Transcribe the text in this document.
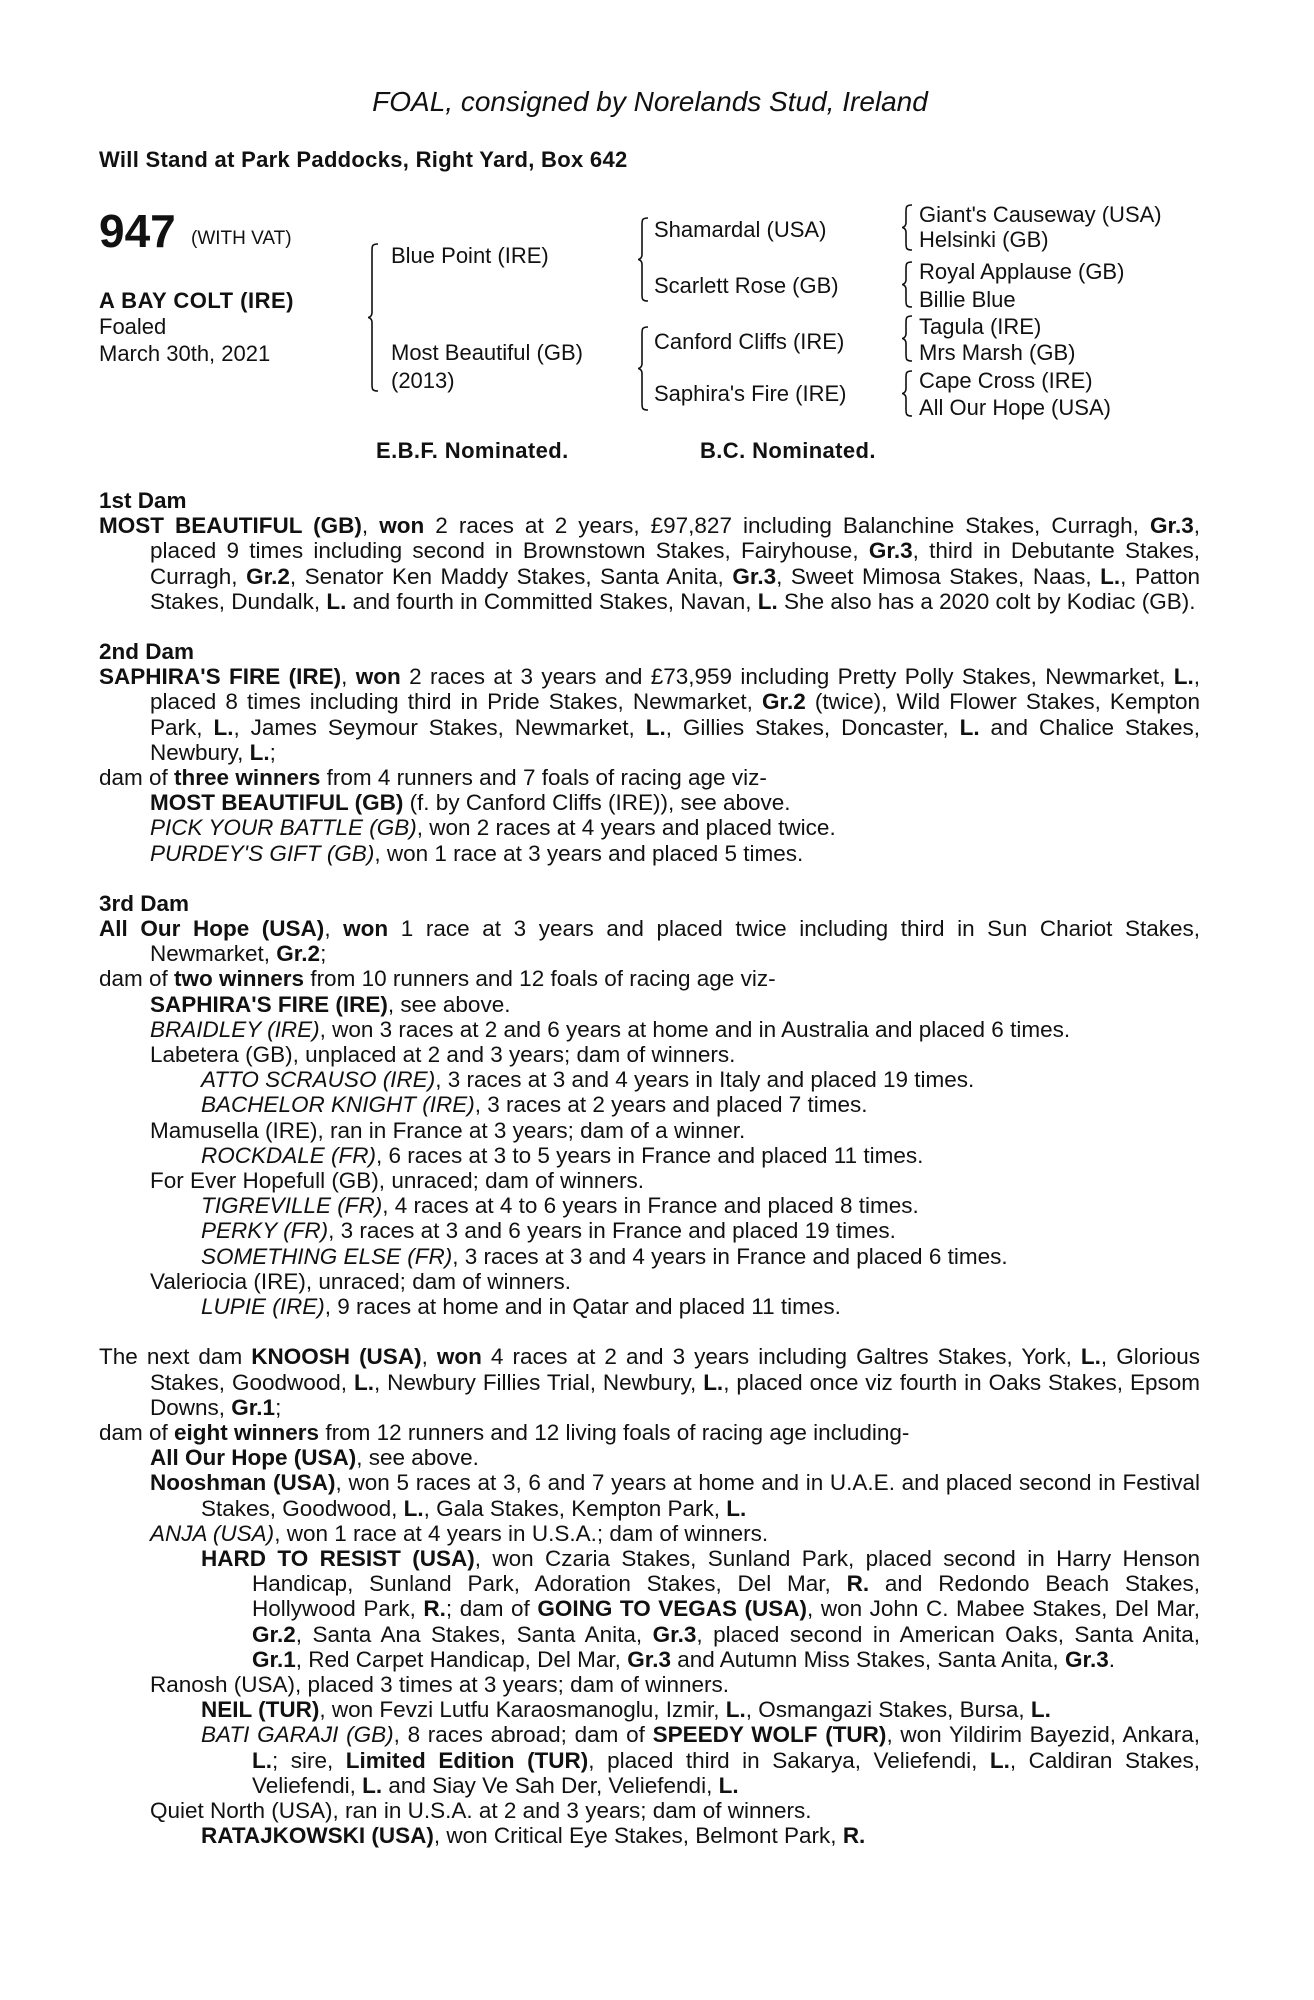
FOAL, consigned by Norelands Stud, Ireland
Will Stand at Park Paddocks, Right Yard, Box 642
947 (WITH VAT)
A BAY COLT (IRE)
Foaled
March 30th, 2021
Blue Point (IRE)
Most Beautiful (GB)
(2013)
Shamardal (USA)
Scarlett Rose (GB)
Canford Cliffs (IRE)
Saphira's Fire (IRE)
Giant's Causeway (USA)
Helsinki (GB)
Royal Applause (GB)
Billie Blue
Tagula (IRE)
Mrs Marsh (GB)
Cape Cross (IRE)
All Our Hope (USA)
E.B.F. Nominated.	B.C. Nominated.
1st Dam
MOST BEAUTIFUL (GB), won 2 races at 2 years, £97,827 including Balanchine Stakes, Curragh, Gr.3, placed 9 times including second in Brownstown Stakes, Fairyhouse, Gr.3, third in Debutante Stakes, Curragh, Gr.2, Senator Ken Maddy Stakes, Santa Anita, Gr.3, Sweet Mimosa Stakes, Naas, L., Patton Stakes, Dundalk, L. and fourth in Committed Stakes, Navan, L. She also has a 2020 colt by Kodiac (GB).
2nd Dam
SAPHIRA'S FIRE (IRE), won 2 races at 3 years and £73,959 including Pretty Polly Stakes, Newmarket, L., placed 8 times including third in Pride Stakes, Newmarket, Gr.2 (twice), Wild Flower Stakes, Kempton Park, L., James Seymour Stakes, Newmarket, L., Gillies Stakes, Doncaster, L. and Chalice Stakes, Newbury, L.;
dam of three winners from 4 runners and 7 foals of racing age viz-
MOST BEAUTIFUL (GB) (f. by Canford Cliffs (IRE)), see above.
PICK YOUR BATTLE (GB), won 2 races at 4 years and placed twice.
PURDEY'S GIFT (GB), won 1 race at 3 years and placed 5 times.
3rd Dam
All Our Hope (USA), won 1 race at 3 years and placed twice including third in Sun Chariot Stakes, Newmarket, Gr.2;
dam of two winners from 10 runners and 12 foals of racing age viz-
SAPHIRA'S FIRE (IRE), see above.
BRAIDLEY (IRE), won 3 races at 2 and 6 years at home and in Australia and placed 6 times.
Labetera (GB), unplaced at 2 and 3 years; dam of winners.
ATTO SCRAUSO (IRE), 3 races at 3 and 4 years in Italy and placed 19 times.
BACHELOR KNIGHT (IRE), 3 races at 2 years and placed 7 times.
Mamusella (IRE), ran in France at 3 years; dam of a winner.
ROCKDALE (FR), 6 races at 3 to 5 years in France and placed 11 times.
For Ever Hopefull (GB), unraced; dam of winners.
TIGREVILLE (FR), 4 races at 4 to 6 years in France and placed 8 times.
PERKY (FR), 3 races at 3 and 6 years in France and placed 19 times.
SOMETHING ELSE (FR), 3 races at 3 and 4 years in France and placed 6 times.
Valeriocia (IRE), unraced; dam of winners.
LUPIE (IRE), 9 races at home and in Qatar and placed 11 times.
The next dam KNOOSH (USA), won 4 races at 2 and 3 years including Galtres Stakes, York, L., Glorious Stakes, Goodwood, L., Newbury Fillies Trial, Newbury, L., placed once viz fourth in Oaks Stakes, Epsom Downs, Gr.1;
dam of eight winners from 12 runners and 12 living foals of racing age including-
All Our Hope (USA), see above.
Nooshman (USA), won 5 races at 3, 6 and 7 years at home and in U.A.E. and placed second in Festival Stakes, Goodwood, L., Gala Stakes, Kempton Park, L.
ANJA (USA), won 1 race at 4 years in U.S.A.; dam of winners.
HARD TO RESIST (USA), won Czaria Stakes, Sunland Park, placed second in Harry Henson Handicap, Sunland Park, Adoration Stakes, Del Mar, R. and Redondo Beach Stakes, Hollywood Park, R.; dam of GOING TO VEGAS (USA), won John C. Mabee Stakes, Del Mar, Gr.2, Santa Ana Stakes, Santa Anita, Gr.3, placed second in American Oaks, Santa Anita, Gr.1, Red Carpet Handicap, Del Mar, Gr.3 and Autumn Miss Stakes, Santa Anita, Gr.3.
Ranosh (USA), placed 3 times at 3 years; dam of winners.
NEIL (TUR), won Fevzi Lutfu Karaosmanoglu, Izmir, L., Osmangazi Stakes, Bursa, L.
BATI GARAJI (GB), 8 races abroad; dam of SPEEDY WOLF (TUR), won Yildirim Bayezid, Ankara, L.; sire, Limited Edition (TUR), placed third in Sakarya, Veliefendi, L., Caldiran Stakes, Veliefendi, L. and Siay Ve Sah Der, Veliefendi, L.
Quiet North (USA), ran in U.S.A. at 2 and 3 years; dam of winners.
RATAJKOWSKI (USA), won Critical Eye Stakes, Belmont Park, R.
